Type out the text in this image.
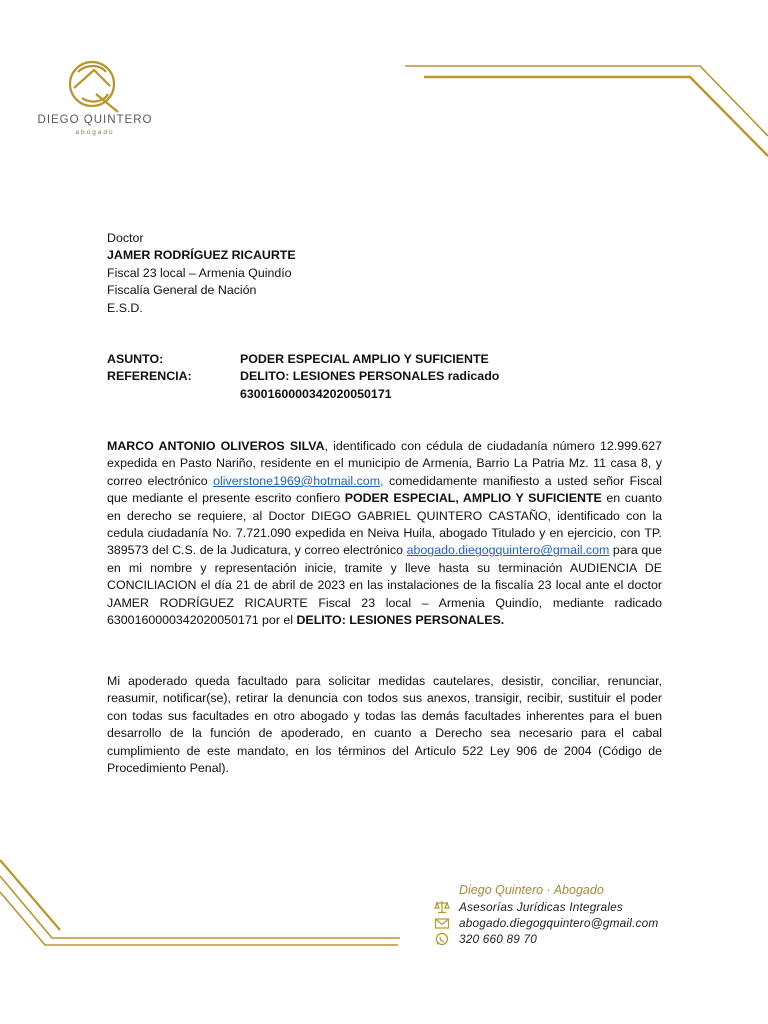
DIEGO QUINTERO
abogado
Doctor
JAMER RODRÍGUEZ RICAURTE
Fiscal 23 local – Armenia Quindío
Fiscalía General de Nación
E.S.D.
ASUNTO:	PODER ESPECIAL AMPLIO Y SUFICIENTE
REFERENCIA:	DELITO: LESIONES PERSONALES radicado
6300160000342020050171
MARCO ANTONIO OLIVEROS SILVA, identificado con cédula de ciudadanía número 12.999.627 expedida en Pasto Nariño, residente en el municipio de Armenia, Barrio La Patria Mz. 11 casa 8, y correo electrónico oliverstone1969@hotmail.com, comedidamente manifiesto a usted señor Fiscal que mediante el presente escrito confiero PODER ESPECIAL, AMPLIO Y SUFICIENTE en cuanto en derecho se requiere, al Doctor DIEGO GABRIEL QUINTERO CASTAÑO, identificado con la cedula ciudadanía No. 7.721.090 expedida en Neiva Huila, abogado Titulado y en ejercicio, con TP. 389573 del C.S. de la Judicatura, y correo electrónico abogado.diegogquintero@gmail.com para que en mi nombre y representación inicie, tramite y lleve hasta su terminación AUDIENCIA DE CONCILIACION el día 21 de abril de 2023 en las instalaciones de la fiscalía 23 local ante el doctor JAMER RODRÍGUEZ RICAURTE Fiscal 23 local – Armenia Quindío, mediante radicado 6300160000342020050171 por el DELITO: LESIONES PERSONALES.
Mi apoderado queda facultado para solicitar medidas cautelares, desistir, conciliar, renunciar, reasumir, notificar(se), retirar la denuncia con todos sus anexos, transigir, recibir, sustituir el poder con todas sus facultades en otro abogado y todas las demás facultades inherentes para el buen desarrollo de la función de apoderado, en cuanto a Derecho sea necesario para el cabal cumplimiento de este mandato, en los términos del Articulo 522 Ley 906 de 2004 (Código de Procedimiento Penal).
Diego Quintero · Abogado
Asesorías Jurídicas Integrales
abogado.diegogquintero@gmail.com
320 660 89 70
